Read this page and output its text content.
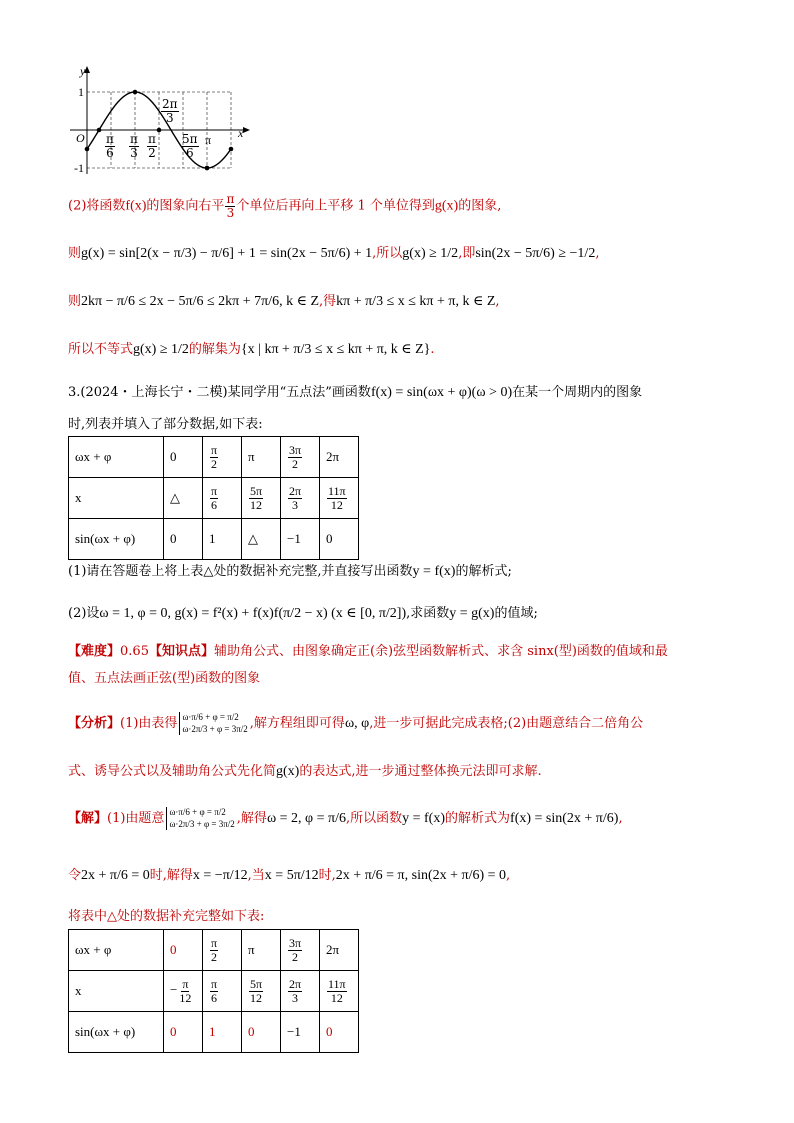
y
x
O
1
-1
$\frac{\pi}{6} \frac{\pi}{3} \frac{\pi}{2}$
$\frac{2\pi}{3}$
$\frac{5\pi}{6}$ π
(2)将函数f(x)的图象向右平 $\frac{\pi}{3}$ 个单位后再向上平移 1 个单位得到g(x)的图象,
则g(x) = sin[2(x − π/3) − π/6] + 1 = sin(2x − 5π/6) + 1,所以g(x) ≥ 1/2,即sin(2x − 5π/6) ≥ −1/2,
则2kπ − π/6 ≤ 2x − 5π/6 ≤ 2kπ + 7π/6, k ∈ Z,得kπ + π/3 ≤ x ≤ kπ + π, k ∈ Z,
所以不等式g(x) ≥ 1/2的解集为{x | kπ + π/3 ≤ x ≤ kπ + π, k ∈ Z}.
3.(2024・上海长宁・二模)某同学用“五点法”画函数f(x) = sin(ωx + φ)(ω > 0)在某一个周期内的图象
时,列表并填入了部分数据,如下表:
ωx + φ	0	$\frac{\pi}{2}$	π	$\frac{3\pi}{2}$	2π
x	△	$\frac{\pi}{6}$	$\frac{5\pi}{12}$	$\frac{2\pi}{3}$	$\frac{11\pi}{12}$

sin(ωx + φ)	0	1	△	−1	0
(1)请在答题卷上将上表△处的数据补充完整,并直接写出函数y = f(x)的解析式;
(2)设ω = 1, φ = 0, g(x) = f²(x) + f(x)f(π/2 − x) (x ∈ [0, π/2]),求函数y = g(x)的值域;
【难度】0.65【知识点】辅助角公式、由图象确定正(余)弦型函数解析式、求含 sinx(型)函数的值域和最
值、五点法画正弦(型)函数的图象
【分析】(1)由表得 ω·π/6 + φ = π/2
ω·2π/3 + φ = 3π/2 ,解方程组即可得ω, φ,进一步可据此完成表格;(2)由题意结合二倍角公
式、诱导公式以及辅助角公式先化简g(x)的表达式,进一步通过整体换元法即可求解.
【解】(1)由题意 ω·π/6 + φ = π/2
ω·2π/3 + φ = 3π/2 ,解得ω = 2, φ = π/6,所以函数y = f(x)的解析式为f(x) = sin(2x + π/6),
令2x + π/6 = 0时,解得x = −π/12,当x = 5π/12时,2x + π/6 = π, sin(2x + π/6) = 0,
将表中△处的数据补充完整如下表:
ωx + φ	0	$\frac{\pi}{2}$	π	$\frac{3\pi}{2}$	2π
x	− $\frac{\pi}{12}$	$\frac{\pi}{6}$	$\frac{5\pi}{12}$	$\frac{2\pi}{3}$	$\frac{11\pi}{12}$

sin(ωx + φ)	0	1	0	−1	0
